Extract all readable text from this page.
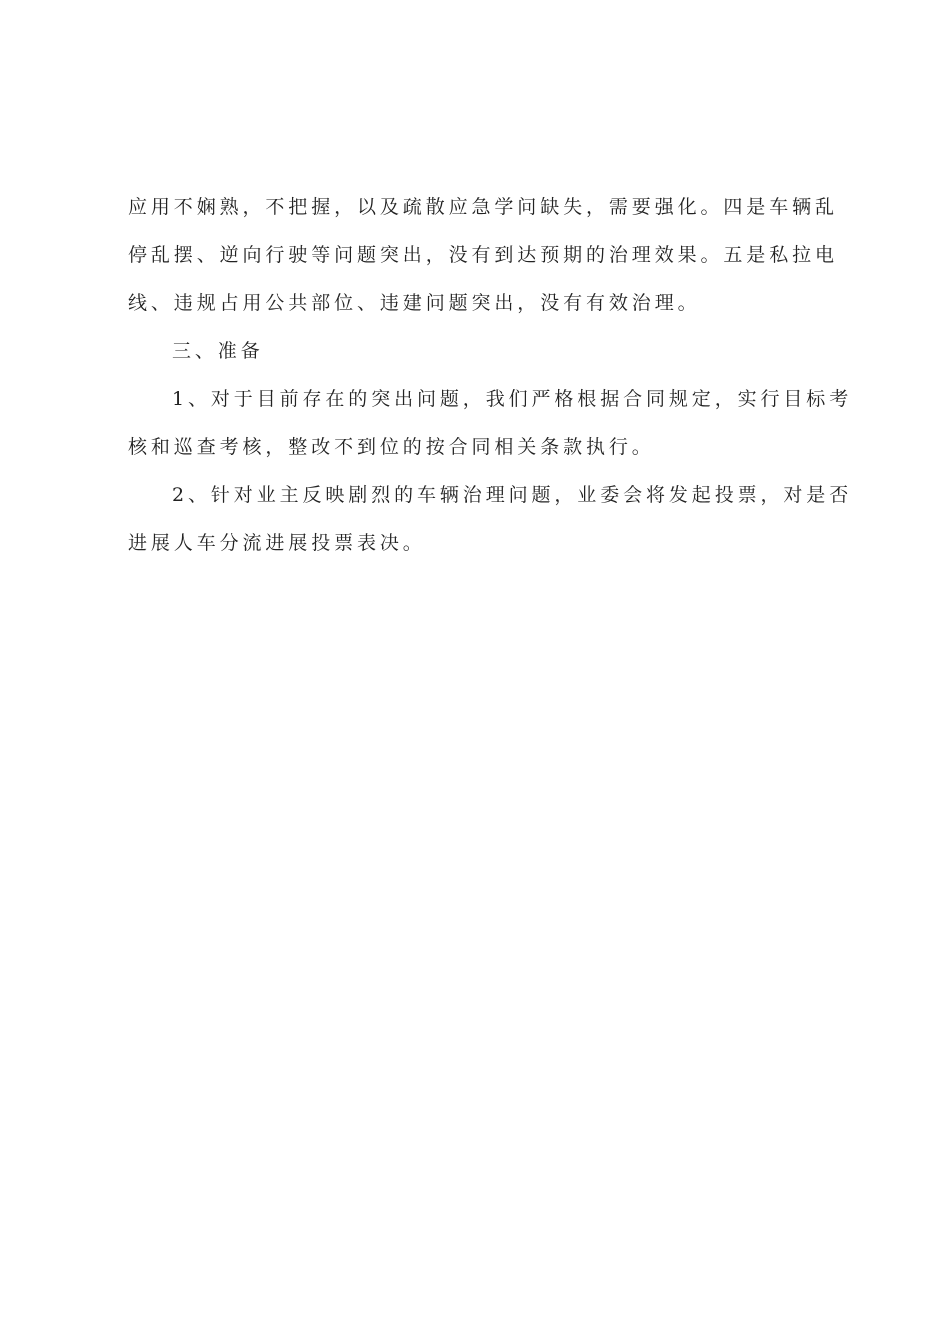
应用不娴熟，不把握，以及疏散应急学问缺失，需要强化。四是车辆乱

停乱摆、逆向行驶等问题突出，没有到达预期的治理效果。五是私拉电

线、违规占用公共部位、违建问题突出，没有有效治理。

三、准备

1、对于目前存在的突出问题，我们严格根据合同规定，实行目标考

核和巡查考核，整改不到位的按合同相关条款执行。

2、针对业主反映剧烈的车辆治理问题，业委会将发起投票，对是否

进展人车分流进展投票表决。
